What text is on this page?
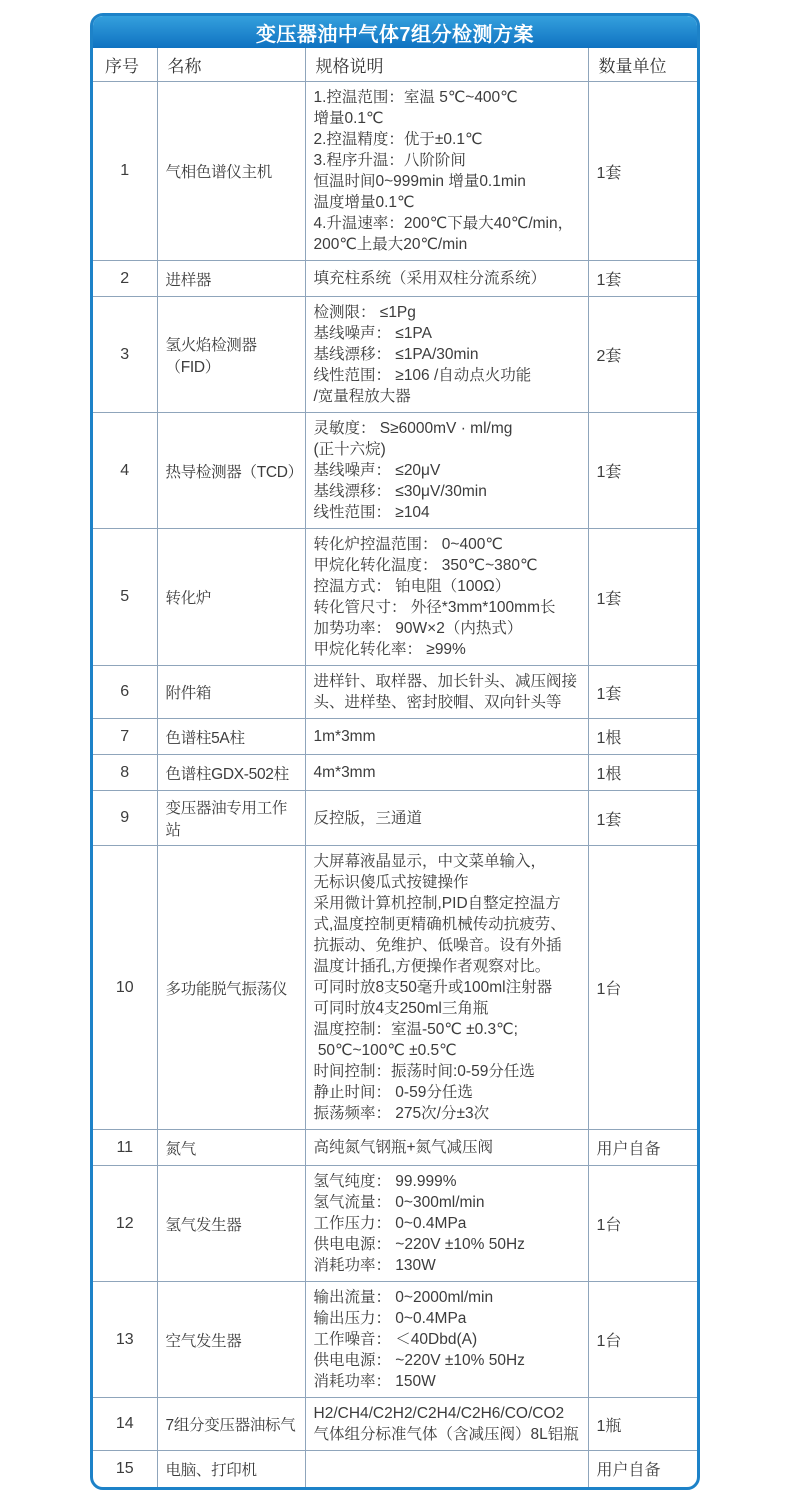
变压器油中气体7组分检测方案
序号	名称	规格说明	数量单位
1	气相色谱仪主机	
1.控温范围：室温 5℃~400℃
增量0.1℃
2.控温精度：优于±0.1℃
3.程序升温：八阶阶间
恒温时间0~999min 增量0.1min
温度增量0.1℃
4.升温速率：200℃下最大40℃/min，
200℃上最大20℃/min
	1套
2	进样器	填充柱系统（采用双柱分流系统）	1套
3	氢火焰检测器（FID）	检测限： ≤1Pg
基线噪声： ≤1PA
基线漂移： ≤1PA/30min
线性范围： ≥106 /自动点火功能
/宽量程放大器	2套
4	热导检测器（TCD）	灵敏度： S≥6000mV · ml/mg
(正十六烷)
基线噪声： ≤20μV
基线漂移： ≤30μV/30min
线性范围： ≥104	1套
5	转化炉	
转化炉控温范围： 0~400℃
甲烷化转化温度： 350℃~380℃
控温方式： 铂电阻（100Ω）
转化管尺寸： 外径*3mm*100mm长
加势功率： 90W×2（内热式）
甲烷化转化率： ≥99%
	1套
6	附件箱	进样针、取样器、加长针头、减压阀接
头、进样垫、密封胶帽、双向针头等	1套
7	色谱柱5A柱	1m*3mm	1根
8	色谱柱GDX-502柱	4m*3mm	1根
9	变压器油专用工作站	反控版，三通道	1套
10	多功能脱气振荡仪	
大屏幕液晶显示，中文菜单输入，
无标识傻瓜式按键操作
采用微计算机控制,PID自整定控温方
式,温度控制更精确机械传动抗疲劳、
抗振动、免维护、低噪音。设有外插
温度计插孔,方便操作者观察对比。
可同时放8支50毫升或100ml注射器
可同时放4支250ml三角瓶
温度控制：室温-50℃ ±0.3℃;
50℃~100℃ ±0.5℃
时间控制：振荡时间:0-59分任选
静止时间： 0-59分任选
振荡频率： 275次/分±3次
	1台
11	氮气	高纯氮气钢瓶+氮气减压阀	用户自备
12	氢气发生器	氢气纯度： 99.999%
氢气流量： 0~300ml/min
工作压力： 0~0.4MPa
供电电源： ~220V ±10% 50Hz
消耗功率： 130W	1台
13	空气发生器	输出流量： 0~2000ml/min
输出压力： 0~0.4MPa
工作噪音： ＜40Dbd(A)
供电电源： ~220V ±10% 50Hz
消耗功率： 150W	1台
14	7组分变压器油标气	H2/CH4/C2H2/C2H4/C2H6/CO/CO2
气体组分标准气体（含减压阀）8L铝瓶	1瓶
15	电脑、打印机		用户自备
